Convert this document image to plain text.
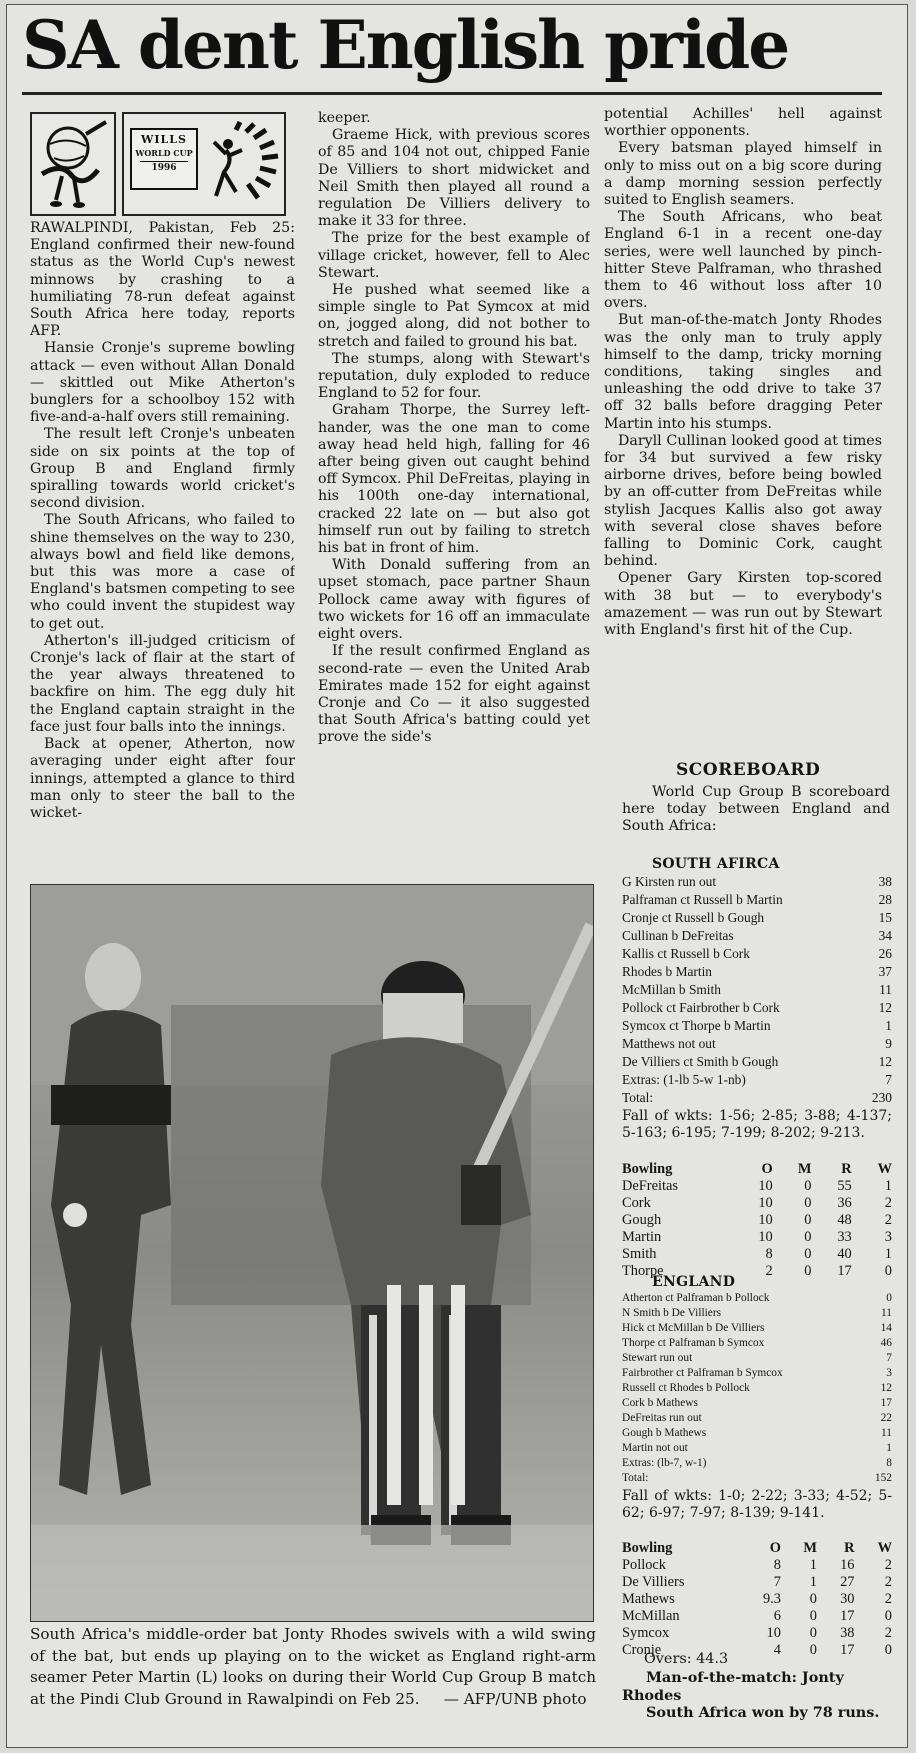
SA dent English pride
WILLS
WORLD CUP
1996

RAWALPINDI, Pakistan, Feb 25: England confirmed their new-found status as the World Cup's newest minnows by crashing to a humiliating 78-run defeat against South Africa here today, reports AFP.

Hansie Cronje's supreme bowling attack — even without Allan Donald — skittled out Mike Atherton's bunglers for a schoolboy 152 with five-and-a-half overs still remaining.

The result left Cronje's unbeaten side on six points at the top of Group B and England firmly spiralling towards world cricket's second division.

The South Africans, who failed to shine themselves on the way to 230, always bowl and field like demons, but this was more a case of England's batsmen competing to see who could invent the stupidest way to get out.

Atherton's ill-judged criticism of Cronje's lack of flair at the start of the year always threatened to backfire on him. The egg duly hit the England captain straight in the face just four balls into the innings.

Back at opener, Atherton, now averaging under eight after four innings, attempted a glance to third man only to steer the ball to the wicket-

keeper.

Graeme Hick, with previous scores of 85 and 104 not out, chipped Fanie De Villiers to short midwicket and Neil Smith then played all round a regulation De Villiers delivery to make it 33 for three.

The prize for the best example of village cricket, however, fell to Alec Stewart.

He pushed what seemed like a simple single to Pat Symcox at mid on, jogged along, did not bother to stretch and failed to ground his bat.

The stumps, along with Stewart's reputation, duly exploded to reduce England to 52 for four.

Graham Thorpe, the Surrey left-hander, was the one man to come away head held high, falling for 46 after being given out caught behind off Symcox. Phil DeFreitas, playing in his 100th one-day international, cracked 22 late on — but also got himself run out by failing to stretch his bat in front of him.

With Donald suffering from an upset stomach, pace partner Shaun Pollock came away with figures of two wickets for 16 off an immaculate eight overs.

If the result confirmed England as second-rate — even the United Arab Emirates made 152 for eight against Cronje and Co — it also suggested that South Africa's batting could yet prove the side's

potential Achilles' hell against worthier opponents.

Every batsman played himself in only to miss out on a big score during a damp morning session perfectly suited to English seamers.

The South Africans, who beat England 6-1 in a recent one-day series, were well launched by pinch-hitter Steve Palframan, who thrashed them to 46 without loss after 10 overs.

But man-of-the-match Jonty Rhodes was the only man to truly apply himself to the damp, tricky morning conditions, taking singles and unleashing the odd drive to take 37 off 32 balls before dragging Peter Martin into his stumps.

Daryll Cullinan looked good at times for 34 but survived a few risky airborne drives, before being bowled by an off-cutter from DeFreitas while stylish Jacques Kallis also got away with several close shaves before falling to Dominic Cork, caught behind.

Opener Gary Kirsten top-scored with 38 but — to everybody's amazement — was run out by Stewart with England's first hit of the Cup.

South Africa's middle-order bat Jonty Rhodes swivels with a wild swing of the bat, but ends up playing on to the wicket as England right-arm seamer Peter Martin (L) looks on during their World Cup Group B match at the Pindi Club Ground in Rawalpindi on Feb 25. — AFP/UNB photo
SCOREBOARD
World Cup Group B scoreboard here today between England and South Africa:
SOUTH AFIRCA
G Kirsten run out	38
Palframan ct Russell b Martin	28
Cronje ct Russell b Gough	15
Cullinan b DeFreitas	34
Kallis ct Russell b Cork	26
Rhodes b Martin	37
McMillan b Smith	11
Pollock ct Fairbrother b Cork	12
Symcox ct Thorpe b Martin	1
Matthews not out	9
De Villiers ct Smith b Gough	12
Extras: (1-lb 5-w 1-nb)	7
Total:	230
Fall of wkts: 1-56; 2-85; 3-88; 4-137; 5-163; 6-195; 7-199; 8-202; 9-213.
Bowling	O	M	R	W
DeFreitas	10	0	55	1
Cork	10	0	36	2
Gough	10	0	48	2
Martin	10	0	33	3
Smith	8	0	40	1
Thorpe	2	0	17	0
ENGLAND
Atherton ct Palframan b Pollock	0
N Smith b De Villiers	11
Hick ct McMillan b De Villiers	14
Thorpe ct Palframan b Symcox	46
Stewart run out	7
Fairbrother ct Palframan b Symcox	3
Russell ct Rhodes b Pollock	12
Cork b Mathews	17
DeFreitas run out	22
Gough b Mathews	11
Martin not out	1
Extras: (lb-7, w-1)	8
Total:	152
Fall of wkts: 1-0; 2-22; 3-33; 4-52; 5-62; 6-97; 7-97; 8-139; 9-141.
Bowling	O	M	R	W
Pollock	8	1	16	2
De Villiers	7	1	27	2
Mathews	9.3	0	30	2
McMillan	6	0	17	0
Symcox	10	0	38	2
Cronje	4	0	17	0
Overs: 44.3
Man-of-the-match: Jonty Rhodes
South Africa won by 78 runs.
